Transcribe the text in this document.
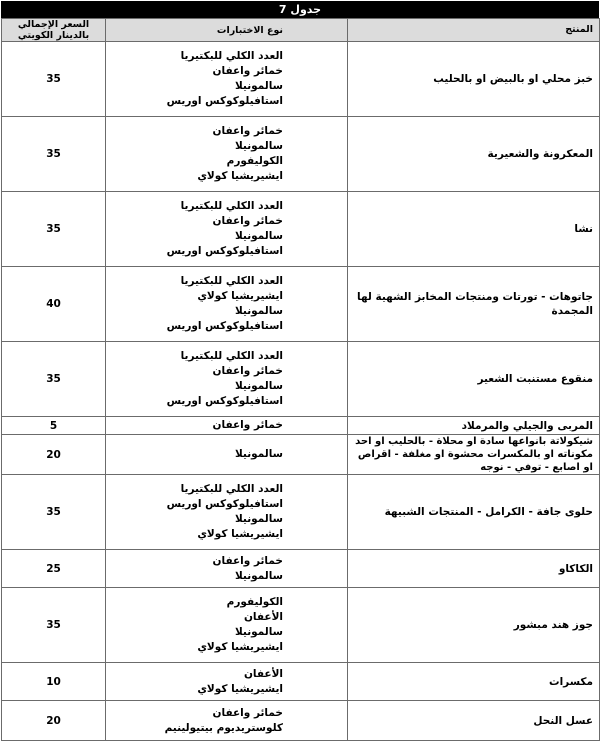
جدول 7
المنتج	نوع الاختبارات	السعر الإجمالي بالدينار الكويتي
خبز محلي او بالبيض او بالحليب	العدد الكلي للبكتيريا
خمائر واعفان
سالمونيلا
استافيلوكوكس اوريس	35
المعكرونة والشعيرية	خمائر واعفان
سالمونيلا
الكوليفورم
ايشيريشيا كولاي	35
نشا	العدد الكلي للبكتيريا
خمائر واعفان
سالمونيلا
استافيلوكوكس اوريس	35
جاتوهات - تورتات ومنتجات المخابز الشهية لها المجمدة	العدد الكلي للبكتيريا
ايشيريشيا كولاي
سالمونيلا
استافيلوكوكس اوريس	40
منقوع مستنبت الشعير	العدد الكلي للبكتيريا
خمائر واعفان
سالمونيلا
استافيلوكوكس اوريس	35
المربى والجيلي والمرملاد	خمائر واعفان	5
شيكولاتة بانواعها سادة او محلاة - بالحليب او احد مكوناته او بالمكسرات محشوة او مغلفة - اقراص او اصابع - توفي - نوجه	سالمونيلا	20
حلوى جافة - الكرامل - المنتجات الشبيهة	العدد الكلي للبكتيريا
استافيلوكوكس اوريس
سالمونيلا
ايشيريشيا كولاي	35
الكاكاو	خمائر واعفان
سالمونيلا	25
جوز هند مبشور	الكوليفورم
الأعفان
سالمونيلا
ايشيريشيا كولاي	35
مكسرات	الأعفان
ايشيريشيا كولاي	10
عسل النحل	خمائر واعفان
كلوستريديوم بيتيولينيم	20
